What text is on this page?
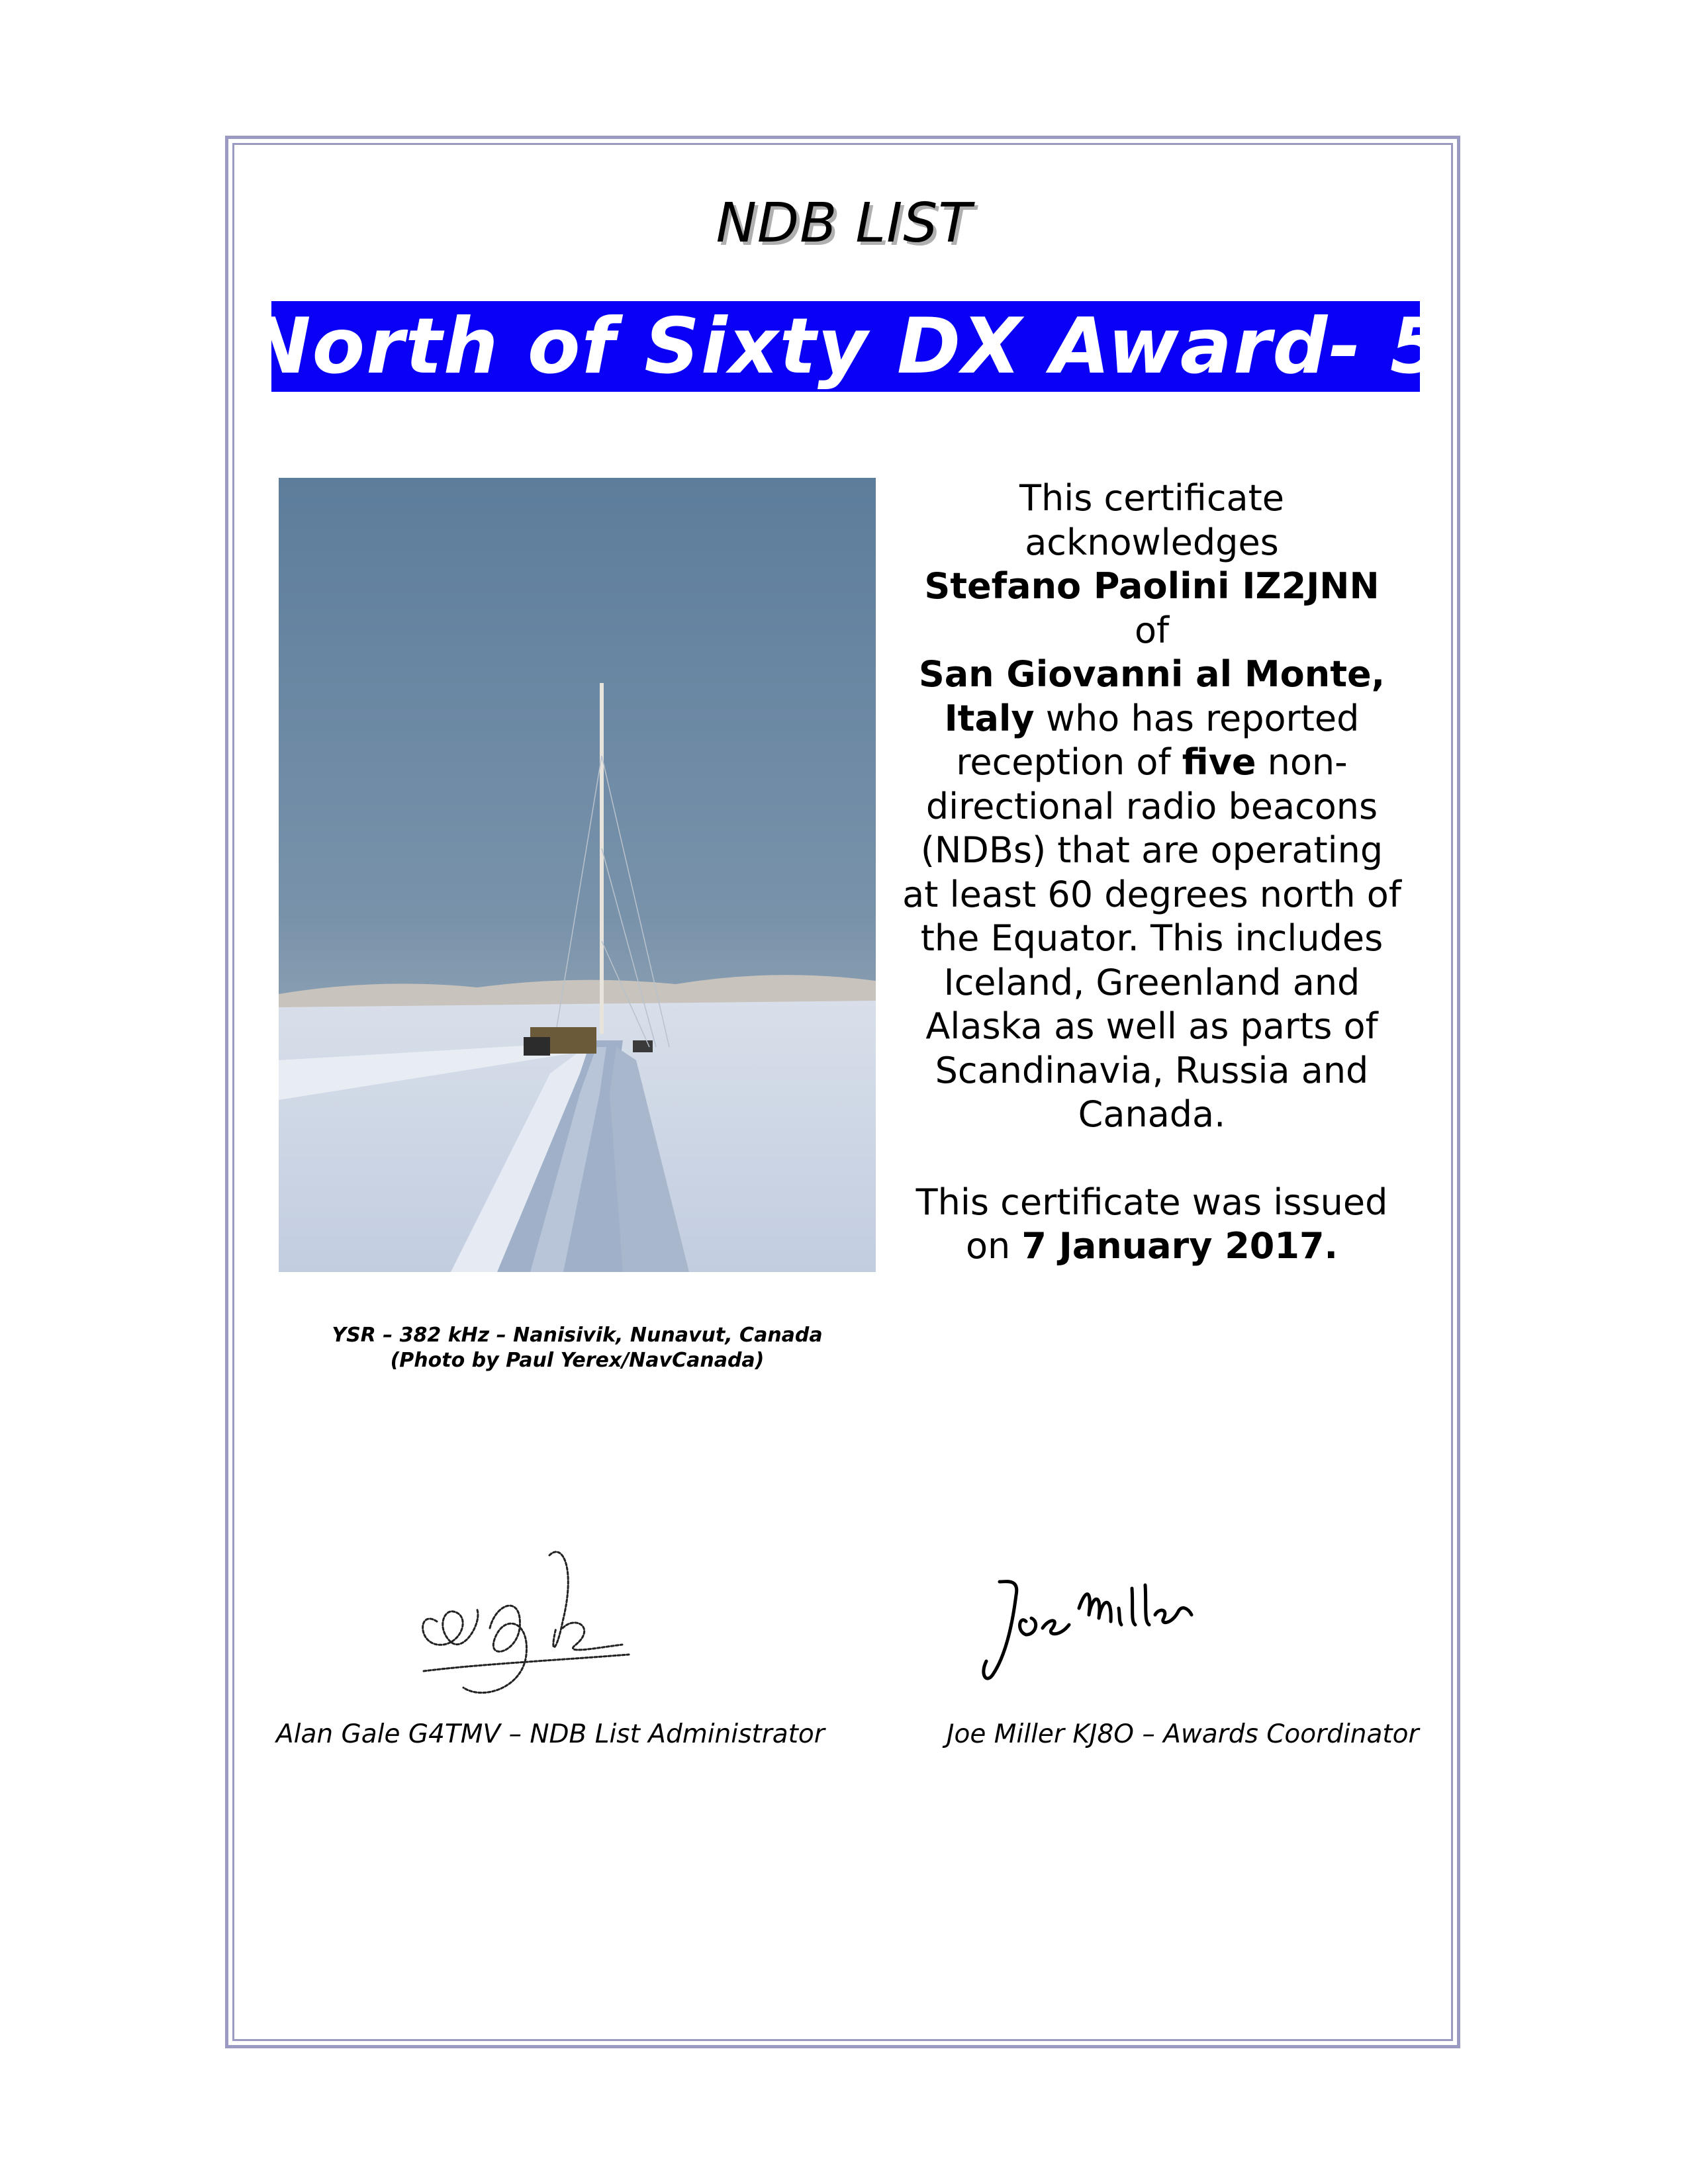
NDB LIST
North of Sixty DX Award- 5
YSR – 382 kHz – Nanisivik, Nunavut, Canada
(Photo by Paul Yerex/NavCanada)
This certificate
acknowledges
Stefano Paolini IZ2JNN
of
San Giovanni al Monte,
Italy who has reported
reception of five non-
directional radio beacons
(NDBs) that are operating
at least 60 degrees north of
the Equator. This includes
Iceland, Greenland and
Alaska as well as parts of
Scandinavia, Russia and
Canada.
This certificate was issued
on 7 January 2017.
Alan Gale G4TMV – NDB List Administrator	Joe Miller KJ8O – Awards Coordinator
